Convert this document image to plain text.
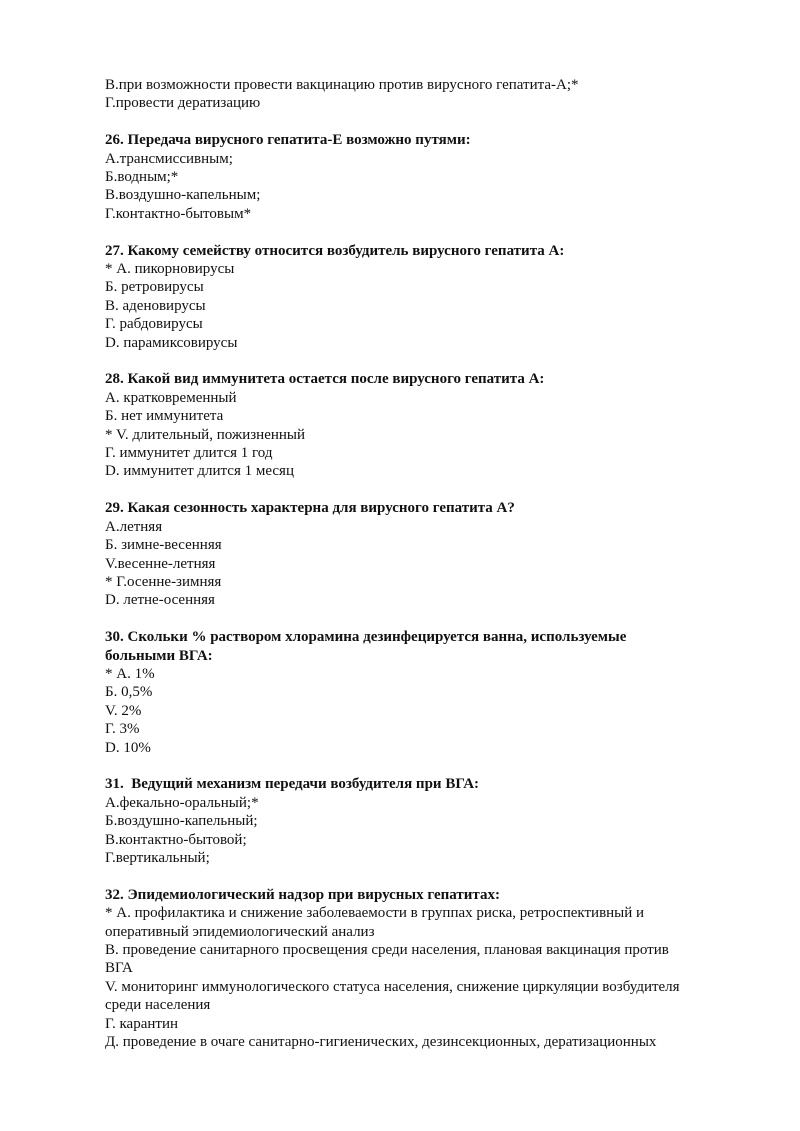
В.при возможности провести вакцинацию против вирусного гепатита-А;*
Г.провести дератизацию
26. Передача вирусного гепатита-Е возможно путями:
А.трансмиссивным;
Б.водным;*
В.воздушно-капельным;
Г.контактно-бытовым*
27. Какому семейству относится возбудитель вирусного гепатита А:
* А. пикорновирусы
Б. ретровирусы
В. аденовирусы
Г. рабдовирусы
D. парамиксовирусы
28. Какой вид иммунитета остается после вирусного гепатита А:
А. кратковременный
Б. нет иммунитета
* V. длительный, пожизненный
Г. иммунитет длится 1 год
D. иммунитет длится 1 месяц
29. Какая сезонность характерна для вирусного гепатита А?
А.летняя
Б. зимне-весенняя
V.весенне-летняя
* Г.осенне-зимняя
D. летне-осенняя
30. Скольки % раствором хлорамина дезинфецируется ванна, используемые
больными ВГА:
* А. 1%
Б. 0,5%
V. 2%
Г. 3%
D. 10%
31.  Ведущий механизм передачи возбудителя при ВГА:
А.фекально-оральный;*
Б.воздушно-капельный;
В.контактно-бытовой;
Г.вертикальный;
32. Эпидемиологический надзор при вирусных гепатитах:
* А. профилактика и снижение заболеваемости в группах риска, ретроспективный и
оперативный эпидемиологический анализ
В. проведение санитарного просвещения среди населения, плановая вакцинация против
ВГА
V. мониторинг иммунологического статуса населения, снижение циркуляции возбудителя
среди населения
Г. карантин
Д. проведение в очаге санитарно-гигиенических, дезинсекционных, дератизационных
